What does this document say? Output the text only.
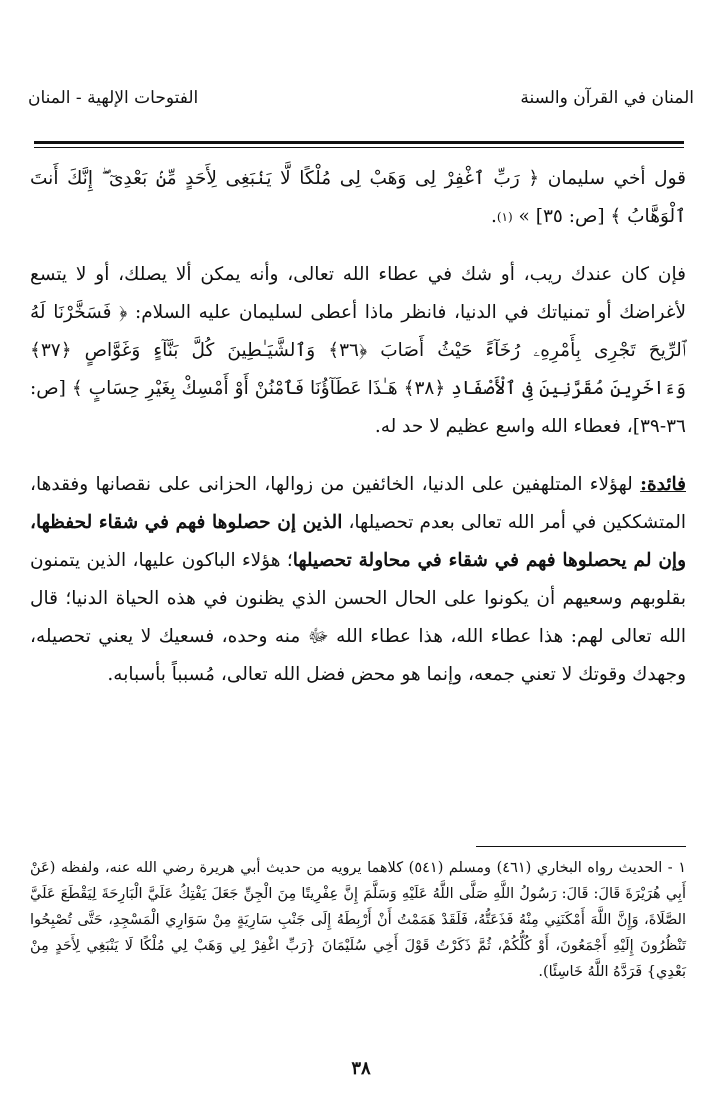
المنان في القرآن والسنة
الفتوحات الإلهية - المنان

قول أخي سليمان ﴿ رَبِّ ٱغْفِرْ لِى وَهَبْ لِى مُلْكًا لَّا يَنۢبَغِى لِأَحَدٍ مِّنۢ بَعْدِىٓ ۖ إِنَّكَ أَنتَ ٱلْوَهَّابُ ﴾ [ص: ٣٥] » $^{(١)}$.

فإن كان عندك ريب، أو شك في عطاء الله تعالى، وأنه يمكن ألا يصلك، أو لا يتسع لأغراضك أو تمنياتك في الدنيا، فانظر ماذا أعطى لسليمان عليه السلام: ﴿ فَسَخَّرْنَا لَهُ ٱلرِّيحَ تَجْرِى بِأَمْرِهِۦ رُخَآءً حَيْثُ أَصَابَ ﴿٣٦﴾ وَٱلشَّيَـٰطِينَ كُلَّ بَنَّآءٍ وَغَوَّاصٍ ﴿٣٧﴾ وَءَاخَرِينَ مُقَرَّنِينَ فِى ٱلْأَصْفَادِ ﴿٣٨﴾ هَـٰذَا عَطَآؤُنَا فَٱمْنُنْ أَوْ أَمْسِكْ بِغَيْرِ حِسَابٍ ﴾ [ص: ٣٦-٣٩]، فعطاء الله واسع عظيم لا حد له.

فائدة: لهؤلاء المتلهفين على الدنيا، الخائفين من زوالها، الحزانى على نقصانها وفقدها، المتشككين في أمر الله تعالى بعدم تحصيلها، الذين إن حصلوها فهم في شقاء لحفظها، وإن لم يحصلوها فهم في شقاء في محاولة تحصيلها؛ هؤلاء الباكون عليها، الذين يتمنون بقلوبهم وسعيهم أن يكونوا على الحال الحسن الذي يظنون في هذه الحياة الدنيا؛ قال الله تعالى لهم: هذا عطاء الله، هذا عطاء الله ﷻ منه وحده، فسعيك لا يعني تحصيله، وجهدك وقوتك لا تعني جمعه، وإنما هو محض فضل الله تعالى، مُسبباً بأسبابه.

١ - الحديث رواه البخاري (٤٦١) ومسلم (٥٤١) كلاهما يرويه من حديث أبي هريرة رضي الله عنه، ولفظه (عَنْ أَبِي هُرَيْرَةَ قَالَ: قَالَ: رَسُولُ اللَّهِ صَلَّى اللَّهُ عَلَيْهِ وَسَلَّمَ إِنَّ عِفْرِيتًا مِنَ الْجِنِّ جَعَلَ يَفْتِكُ عَلَيَّ الْبَارِحَةَ لِيَقْطَعَ عَلَيَّ الصَّلَاةَ، وَإِنَّ اللَّهَ أَمْكَنَنِي مِنْهُ فَذَعَتُّهُ، فَلَقَدْ هَمَمْتُ أَنْ أَرْبِطَهُ إِلَى جَنْبِ سَارِيَةٍ مِنْ سَوَارِي الْمَسْجِدِ، حَتَّى تُصْبِحُوا تَنْظُرُونَ إِلَيْهِ أَجْمَعُونَ، أَوْ كُلُّكُمْ، ثُمَّ ذَكَرْتُ قَوْلَ أَخِي سُلَيْمَانَ {رَبِّ اغْفِرْ لِي وَهَبْ لِي مُلْكًا لَا يَنْبَغِي لِأَحَدٍ مِنْ بَعْدِي} فَرَدَّهُ اللَّهُ خَاسِئًا).

٣٨
